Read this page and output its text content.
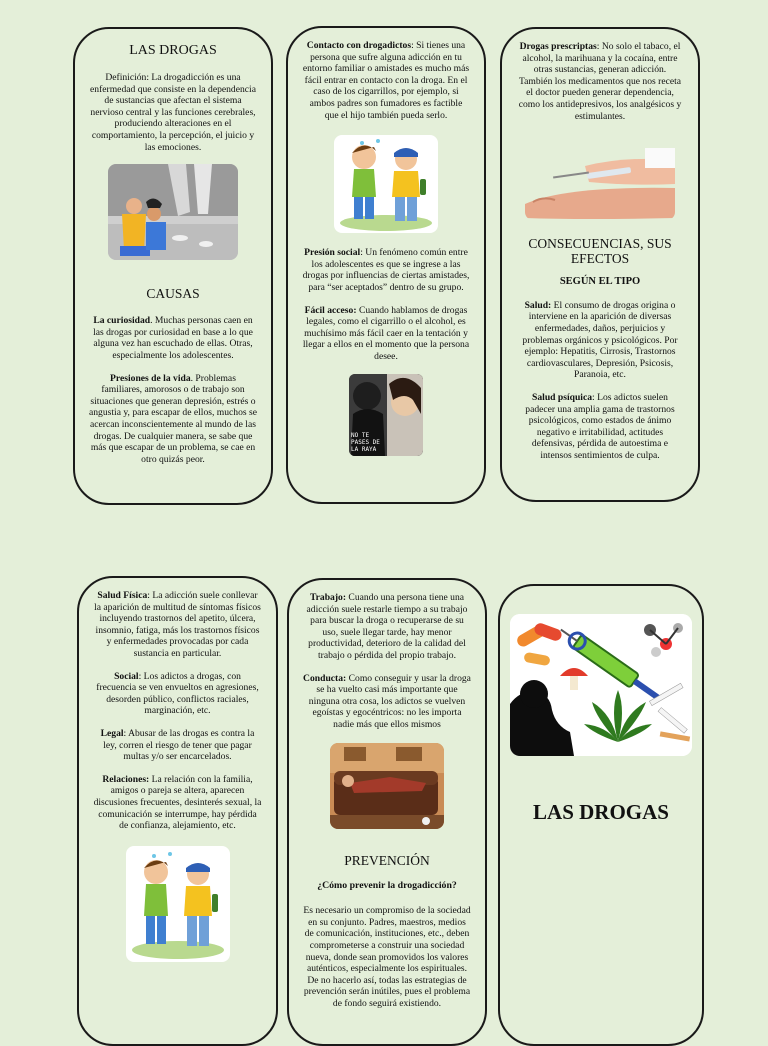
LAS DROGAS

Definición: La drogadicción es una enfermedad que consiste en la dependencia de sustancias que afectan el sistema nervioso central y las funciones cerebrales, produciendo alteraciones en el comportamiento, la percepción, el juicio y las emociones.

CAUSAS

La curiosidad. Muchas personas caen en las drogas por curiosidad en base a lo que alguna vez han escuchado de ellas. Otras, especialmente los adolescentes.

Presiones de la vida. Problemas familiares, amorosos o de trabajo son situaciones que generan depresión, estrés o angustia y, para escapar de ellos, muchos se acercan inconscientemente al mundo de las drogas. De cualquier manera, se sabe que más que escapar de un problema, se cae en otro quizás peor.

Contacto con drogadictos: Si tienes una persona que sufre alguna adicción en tu entorno familiar o amistades es mucho más fácil entrar en contacto con la droga. En el caso de los cigarrillos, por ejemplo, si ambos padres son fumadores es factible que el hijo también pueda serlo.

Presión social: Un fenómeno común entre los adolescentes es que se ingrese a las drogas por influencias de ciertas amistades, para “ser aceptados” dentro de su grupo.

Fácil acceso: Cuando hablamos de drogas legales, como el cigarrillo o el alcohol, es muchísimo más fácil caer en la tentación y llegar a ellos en el momento que la persona desee.

NO TE PASES DE LA RAYA

Drogas prescriptas: No solo el tabaco, el alcohol, la marihuana y la cocaína, entre otras sustancias, generan adicción. También los medicamentos que nos receta el doctor pueden generar dependencia, como los antidepresivos, los analgésicos y estimulantes.

CONSECUENCIAS, SUS EFECTOS
SEGÚN EL TIPO

Salud: El consumo de drogas origina o interviene en la aparición de diversas enfermedades, daños, perjuicios y problemas orgánicos y psicológicos. Por ejemplo: Hepatitis, Cirrosis, Trastornos cardiovasculares, Depresión, Psicosis, Paranoia, etc.

Salud psíquica: Los adictos suelen padecer una amplia gama de trastornos psicológicos, como estados de ánimo negativo e irritabilidad, actitudes defensivas, pérdida de autoestima e intensos sentimientos de culpa.

Salud Física: La adicción suele conllevar la aparición de multitud de síntomas físicos incluyendo trastornos del apetito, úlcera, insomnio, fatiga, más los trastornos físicos y enfermedades provocadas por cada sustancia en particular.

Social: Los adictos a drogas, con frecuencia se ven envueltos en agresiones, desorden público, conflictos raciales, marginación, etc.

Legal: Abusar de las drogas es contra la ley, corren el riesgo de tener que pagar multas y/o ser encarcelados.

Relaciones: La relación con la familia, amigos o pareja se altera, aparecen discusiones frecuentes, desinterés sexual, la comunicación se interrumpe, hay pérdida de confianza, alejamiento, etc.

Trabajo: Cuando una persona tiene una adicción suele restarle tiempo a su trabajo para buscar la droga o recuperarse de su uso, suele llegar tarde, hay menor productividad, deterioro de la calidad del trabajo o pérdida del propio trabajo.

Conducta: Como conseguir y usar la droga se ha vuelto casi más importante que ninguna otra cosa, los adictos se vuelven egoístas y egocéntricos: no les importa nadie más que ellos mismos

PREVENCIÓN
¿Cómo prevenir la drogadicción?

Es necesario un compromiso de la sociedad en su conjunto. Padres, maestros, medios de comunicación, instituciones, etc., deben comprometerse a construir una sociedad nueva, donde sean promovidos los valores auténticos, especialmente los espirituales. De no hacerlo así, todas las estrategias de prevención serán inútiles, pues el problema de fondo seguirá existiendo.

LAS DROGAS
